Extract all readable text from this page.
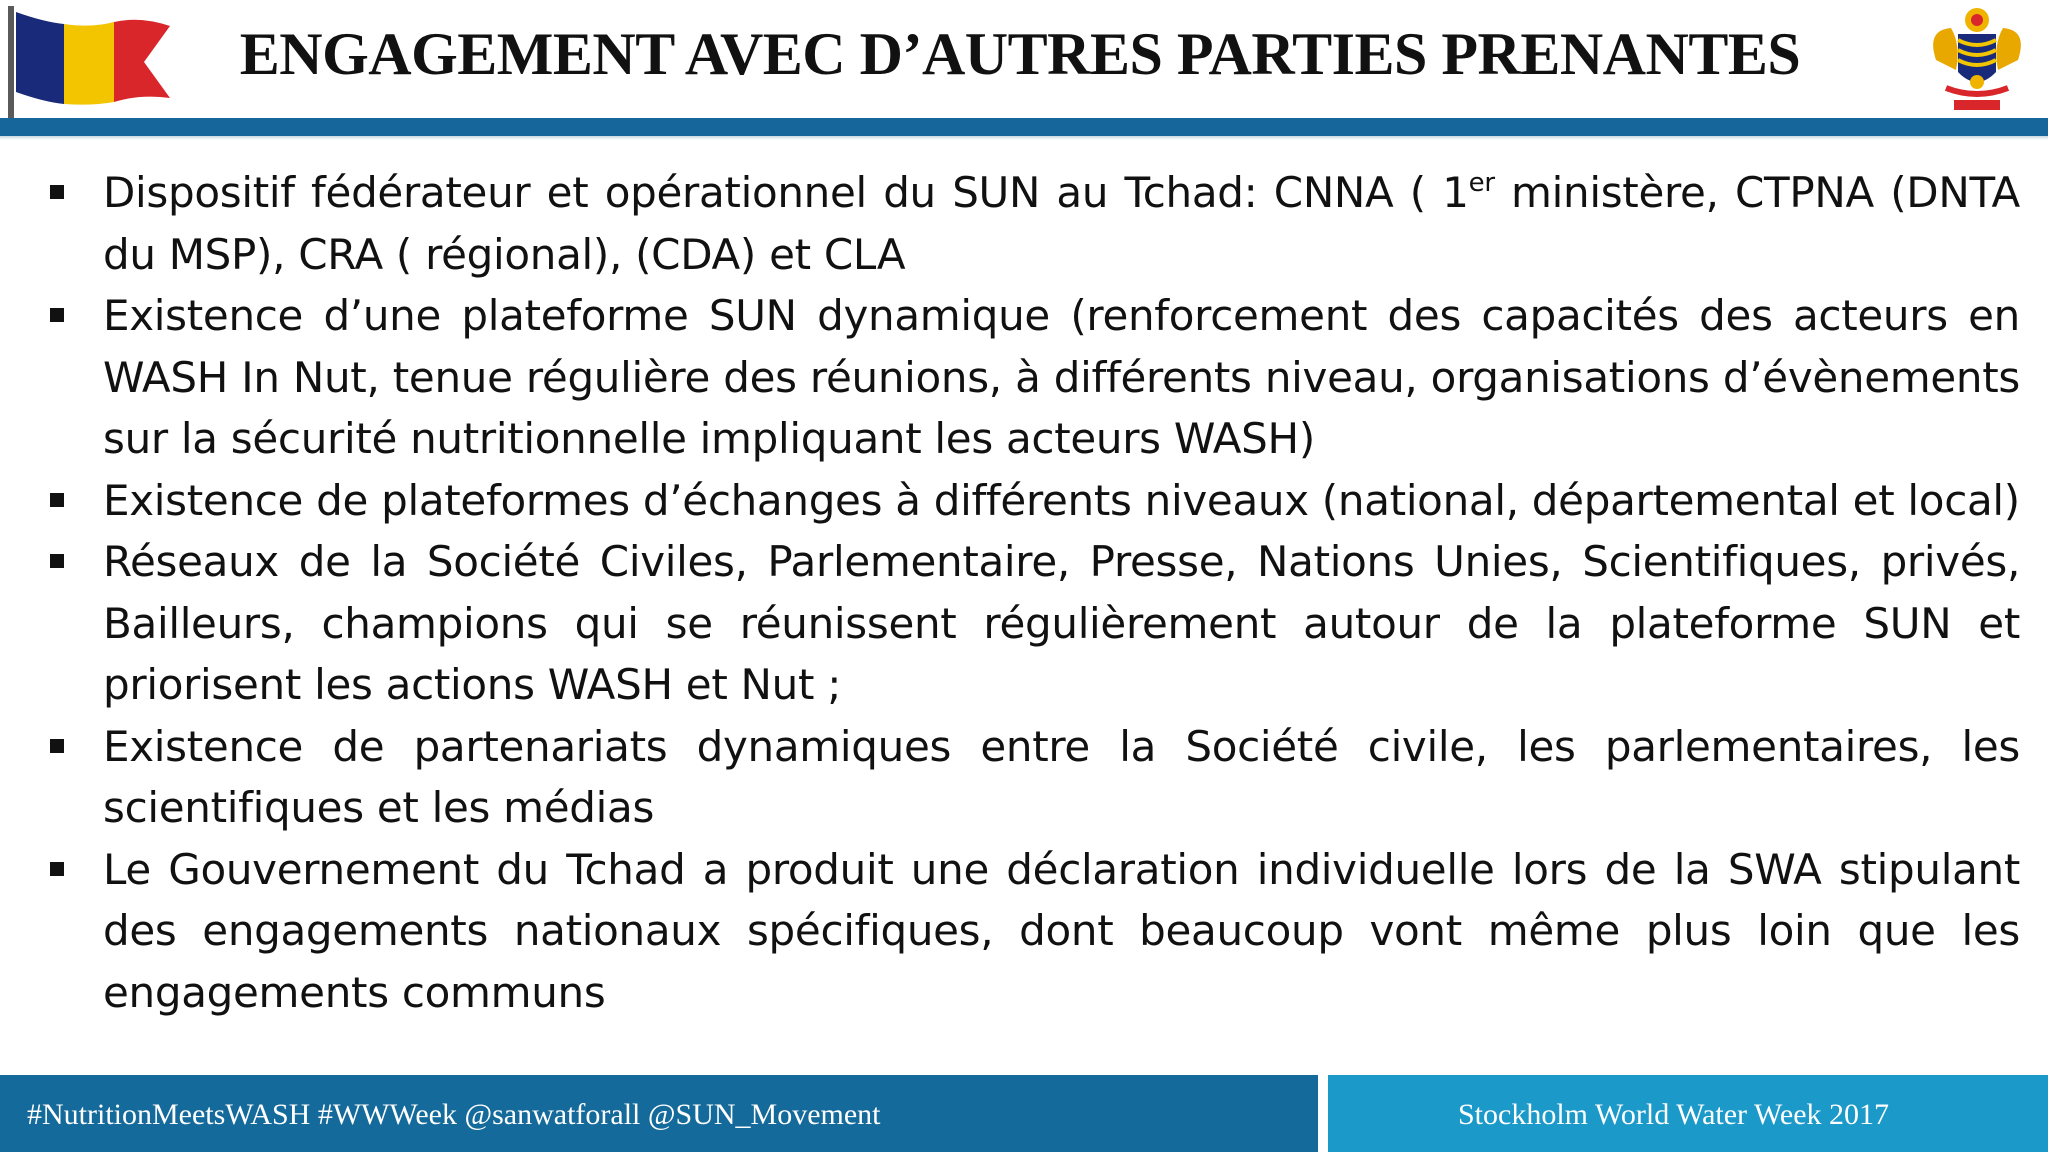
ENGAGEMENT AVEC D’AUTRES PARTIES PRENANTES
Dispositif fédérateur et opérationnel du SUN au Tchad: CNNA ( 1er ministère, CTPNA (DNTA du MSP), CRA ( régional), (CDA) et CLA
Existence d’une plateforme SUN dynamique (renforcement des capacités des acteurs en WASH In Nut, tenue régulière des réunions, à différents niveau, organisations d’évènements sur la sécurité nutritionnelle impliquant les acteurs WASH)
Existence de plateformes d’échanges à différents niveaux (national, départemental et local)
Réseaux de la Société Civiles, Parlementaire, Presse, Nations Unies, Scientifiques, privés, Bailleurs, champions qui se réunissent régulièrement autour de la plateforme SUN et priorisent les actions WASH et Nut ;
Existence de partenariats dynamiques entre la Société civile, les parlementaires, les scientifiques et les médias
Le Gouvernement du Tchad a produit une déclaration individuelle lors de la SWA stipulant des engagements nationaux spécifiques, dont beaucoup vont même plus loin que les engagements communs
#NutritionMeetsWASH #WWWeek @sanwatforall @SUN_Movement	Stockholm World Water Week 2017
